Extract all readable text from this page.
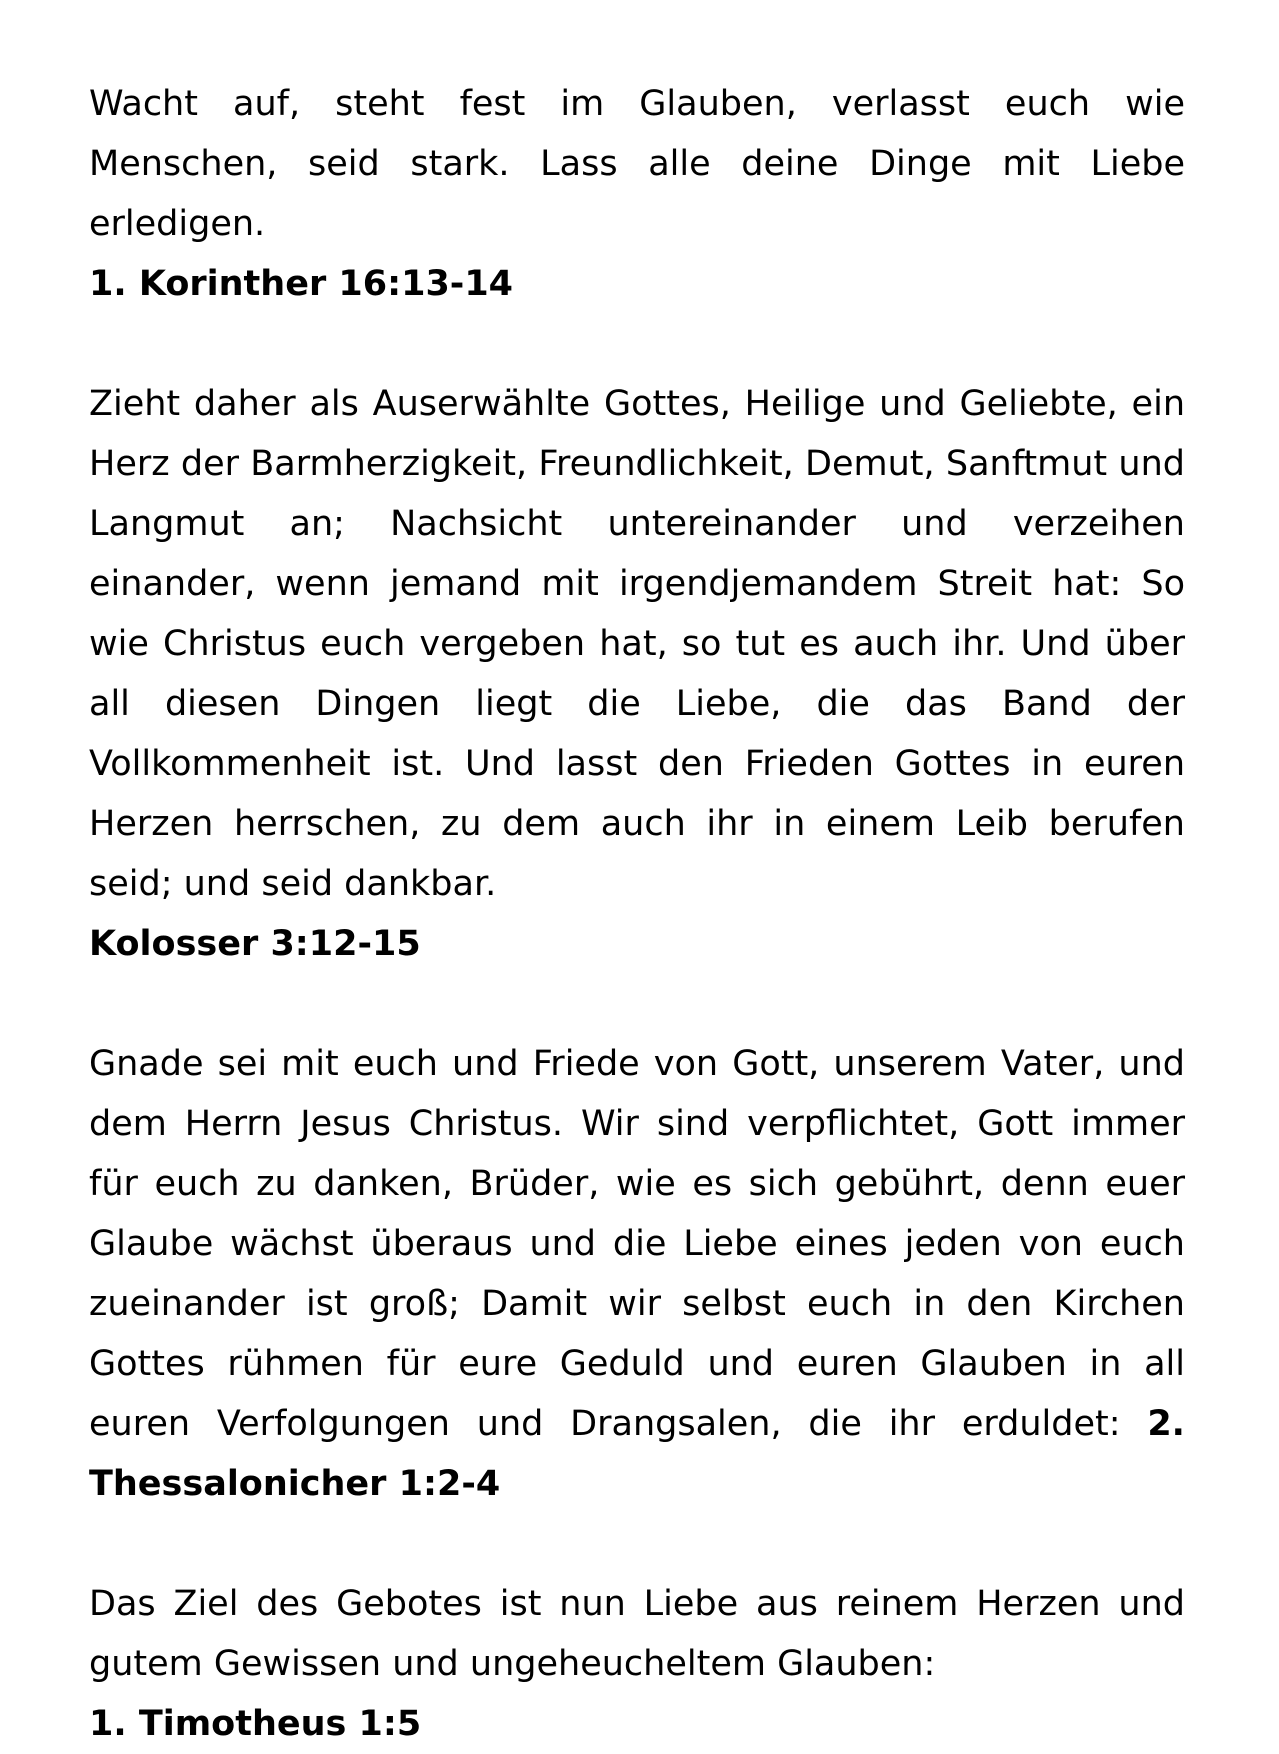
Wacht auf, steht fest im Glauben, verlasst euch wie Menschen, seid stark. Lass alle deine Dinge mit Liebe erledigen.
1. Korinther 16:13-14

Zieht daher als Auserwählte Gottes, Heilige und Geliebte, ein Herz der Barmherzigkeit, Freundlichkeit, Demut, Sanftmut und Langmut an; Nachsicht untereinander und verzeihen einander, wenn jemand mit irgendjemandem Streit hat: So wie Christus euch vergeben hat, so tut es auch ihr. Und über all diesen Dingen liegt die Liebe, die das Band der Vollkommenheit ist. Und lasst den Frieden Gottes in euren Herzen herrschen, zu dem auch ihr in einem Leib berufen seid; und seid dankbar.
Kolosser 3:12-15

Gnade sei mit euch und Friede von Gott, unserem Vater, und dem Herrn Jesus Christus. Wir sind verpflichtet, Gott immer für euch zu danken, Brüder, wie es sich gebührt, denn euer Glaube wächst überaus und die Liebe eines jeden von euch zueinander ist groß; Damit wir selbst euch in den Kirchen Gottes rühmen für eure Geduld und euren Glauben in all euren Verfolgungen und Drangsalen, die ihr erduldet: 2. Thessalonicher 1:2-4

Das Ziel des Gebotes ist nun Liebe aus reinem Herzen und gutem Gewissen und ungeheucheltem Glauben:
1. Timotheus 1:5
